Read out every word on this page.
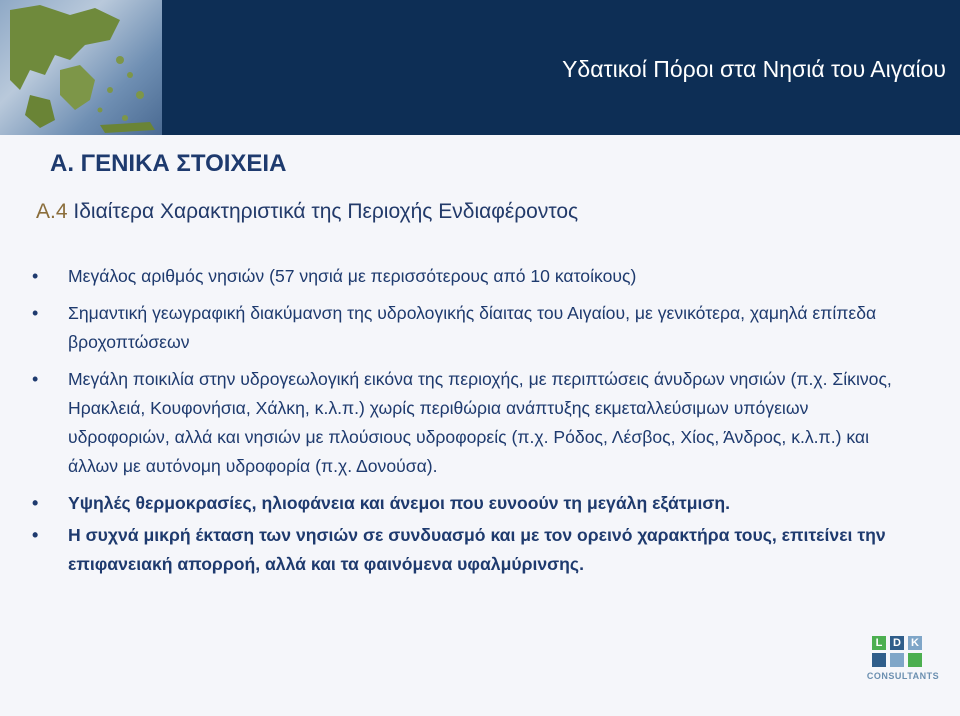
Υδατικοί Πόροι στα Νησιά του Αιγαίου
A. ΓΕΝΙΚΑ ΣΤΟΙΧΕΙΑ
A.4 Ιδιαίτερα Χαρακτηριστικά της Περιοχής Ενδιαφέροντος
• Μεγάλος αριθμός νησιών (57 νησιά με περισσότερους από 10 κατοίκους)
• Σημαντική γεωγραφική διακύμανση της υδρολογικής δίαιτας του Αιγαίου, με γενικότερα, χαμηλά επίπεδα βροχοπτώσεων
• Μεγάλη ποικιλία στην υδρογεωλογική εικόνα της περιοχής, με περιπτώσεις άνυδρων νησιών (π.χ. Σίκινος, Ηρακλειά, Κουφονήσια, Χάλκη, κ.λ.π.) χωρίς περιθώρια ανάπτυξης εκμεταλλεύσιμων υπόγειων υδροφοριών, αλλά και νησιών με πλούσιους υδροφορείς (π.χ. Ρόδος, Λέσβος, Χίος, Άνδρος, κ.λ.π.) και άλλων με αυτόνομη υδροφορία (π.χ. Δονούσα).
• Υψηλές θερμοκρασίες, ηλιοφάνεια και άνεμοι που ευνοούν τη μεγάλη εξάτμιση.
• Η συχνά μικρή έκταση των νησιών σε συνδυασμό και με τον ορεινό χαρακτήρα τους, επιτείνει την επιφανειακή απορροή, αλλά και τα φαινόμενα υφαλμύρινσης.
L D K
CONSULTANTS
